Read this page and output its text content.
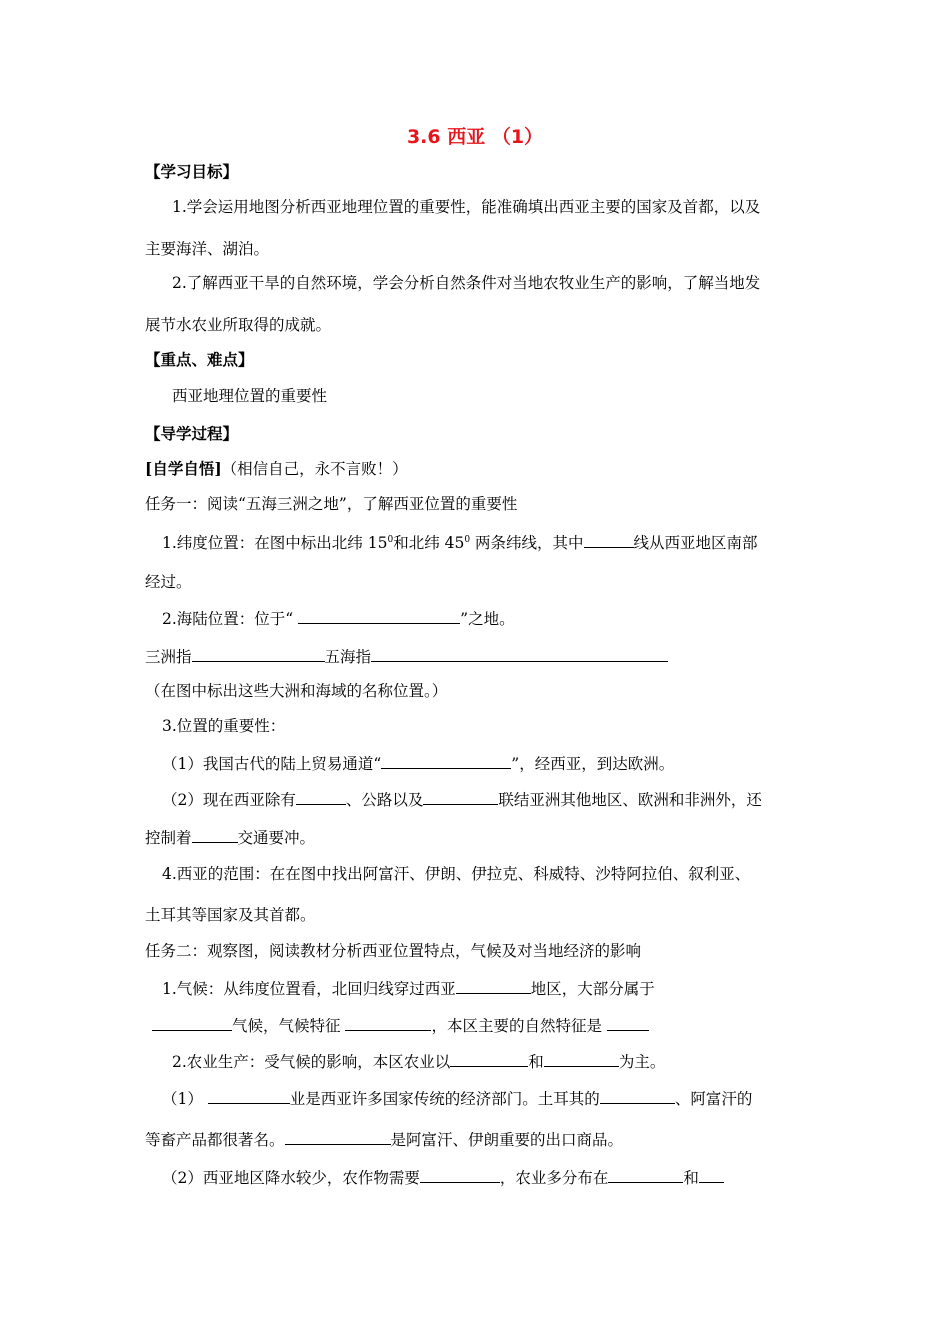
3.6 西亚 （1）
【学习目标】
1.学会运用地图分析西亚地理位置的重要性，能准确填出西亚主要的国家及首都，以及
主要海洋、湖泊。
2.了解西亚干旱的自然环境，学会分析自然条件对当地农牧业生产的影响，了解当地发
展节水农业所取得的成就。
【重点、难点】
西亚地理位置的重要性
【导学过程】
[自学自悟]（相信自己，永不言败！）
任务一：阅读“五海三洲之地”，了解西亚位置的重要性
1.纬度位置：在图中标出北纬 $15^0$和北纬 $45^0$ 两条纬线，其中	线从西亚地区南部
经过。
2.海陆位置：位于“	”之地。
三洲指	五海指
（在图中标出这些大洲和海域的名称位置。）
3.位置的重要性：
（1）我国古代的陆上贸易通道“	”，经西亚，到达欧洲。
（2）现在西亚除有	、公路以及	联结亚洲其他地区、欧洲和非洲外，还
控制着	交通要冲。
4.西亚的范围：在在图中找出阿富汗、伊朗、伊拉克、科威特、沙特阿拉伯、叙利亚、
土耳其等国家及其首都。
任务二：观察图，阅读教材分析西亚位置特点，气候及对当地经济的影响
1.气候：从纬度位置看，北回归线穿过西亚	地区，大部分属于
气候，气候特征	，本区主要的自然特征是
2.农业生产：受气候的影响，本区农业以	和	为主。
（1）	业是西亚许多国家传统的经济部门。土耳其的	、阿富汗的
等畜产品都很著名。	是阿富汗、伊朗重要的出口商品。
（2）西亚地区降水较少，农作物需要	，农业多分布在	和
